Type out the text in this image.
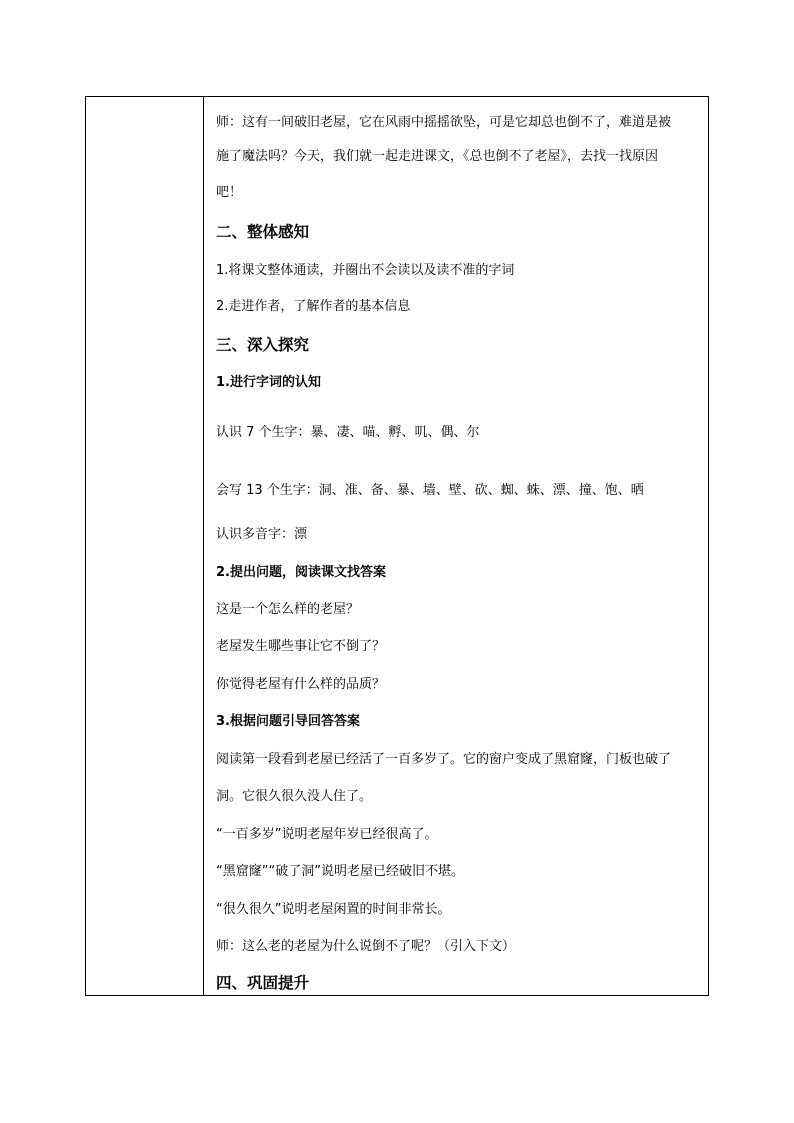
师：这有一间破旧老屋，它在风雨中摇摇欲坠，可是它却总也倒不了，难道是被
施了魔法吗？今天，我们就一起走进课文，《总也倒不了老屋》，去找一找原因
吧！
二、整体感知
1.将课文整体通读，并圈出不会读以及读不准的字词
2.走进作者，了解作者的基本信息
三、深入探究
1.进行字词的认知
认识 7 个生字：暴、凄、喵、孵、叽、偶、尔
会写 13 个生字：洞、准、备、暴、墙、壁、砍、蜘、蛛、漂、撞、饱、晒
认识多音字：漂
2.提出问题，阅读课文找答案
这是一个怎么样的老屋？
老屋发生哪些事让它不倒了？
你觉得老屋有什么样的品质？
3.根据问题引导回答答案
阅读第一段看到老屋已经活了一百多岁了。它的窗户变成了黑窟窿，门板也破了
洞。它很久很久没人住了。
“一百多岁”说明老屋年岁已经很高了。
“黑窟窿”“破了洞”说明老屋已经破旧不堪。
“很久很久”说明老屋闲置的时间非常长。
师：这么老的老屋为什么说倒不了呢？（引入下文）
四、巩固提升
